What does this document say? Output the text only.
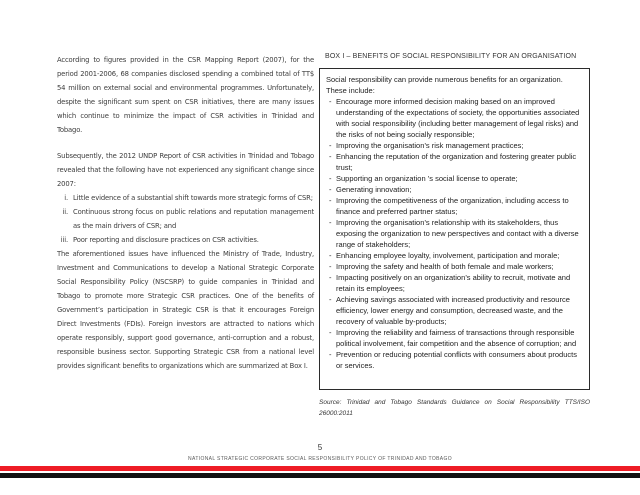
According to figures provided in the CSR Mapping Report (2007), for the period 2001-2006, 68 companies disclosed spending a combined total of TT$ 54 million on external social and environmental programmes. Unfortunately, despite the significant sum spent on CSR initiatives, there are many issues which continue to minimize the impact of CSR activities in Trinidad and Tobago.

Subsequently, the 2012 UNDP Report of CSR activities in Trinidad and Tobago revealed that the following have not experienced any significant change since 2007:

i. Little evidence of a substantial shift towards more strategic forms of CSR;
ii. Continuous strong focus on public relations and reputation management as the main drivers of CSR; and
iii. Poor reporting and disclosure practices on CSR activities.

The aforementioned issues have influenced the Ministry of Trade, Industry, Investment and Communications to develop a National Strategic Corporate Social Responsibility Policy (NSCSRP) to guide companies in Trinidad and Tobago to promote more Strategic CSR practices. One of the benefits of Government’s participation in Strategic CSR is that it encourages Foreign Direct Investments (FDIs). Foreign investors are attracted to nations which operate responsibly, support good governance, anti-corruption and a robust, responsible business sector. Supporting Strategic CSR from a national level provides significant benefits to organizations which are summarized at Box I.

BOX I – BENEFITS OF SOCIAL RESPONSIBILITY FOR AN ORGANISATION

Social responsibility can provide numerous benefits for an organization.

These include:

- Encourage more informed decision making based on an improved understanding of the expectations of society, the opportunities associated with social responsibility (including better management of legal risks) and the risks of not being socially responsible;
- Improving the organisation’s risk management practices;
- Enhancing the reputation of the organization and fostering greater public trust;
- Supporting an organization ’s social license to operate;
- Generating innovation;
- Improving the competitiveness of the organization, including access to finance and preferred partner status;
- Improving the organisation’s relationship with its stakeholders, thus exposing the organization to new perspectives and contact with a diverse range of stakeholders;
- Enhancing employee loyalty, involvement, participation and morale;
- Improving the safety and health of both female and male workers;
- Impacting positively on an organization’s ability to recruit, motivate and retain its employees;
- Achieving savings associated with increased productivity and resource efficiency, lower energy and consumption, decreased waste, and the recovery of valuable by-products;
- Improving the reliability and fairness of transactions through responsible political involvement, fair competition and the absence of corruption; and
- Prevention or reducing potential conflicts with consumers about products or services.
Source: Trinidad and Tobago Standards Guidance on Social Responsibility TTS/ISO 26000:2011
5
NATIONAL STRATEGIC CORPORATE SOCIAL RESPONSIBILITY POLICY OF TRINIDAD AND TOBAGO
